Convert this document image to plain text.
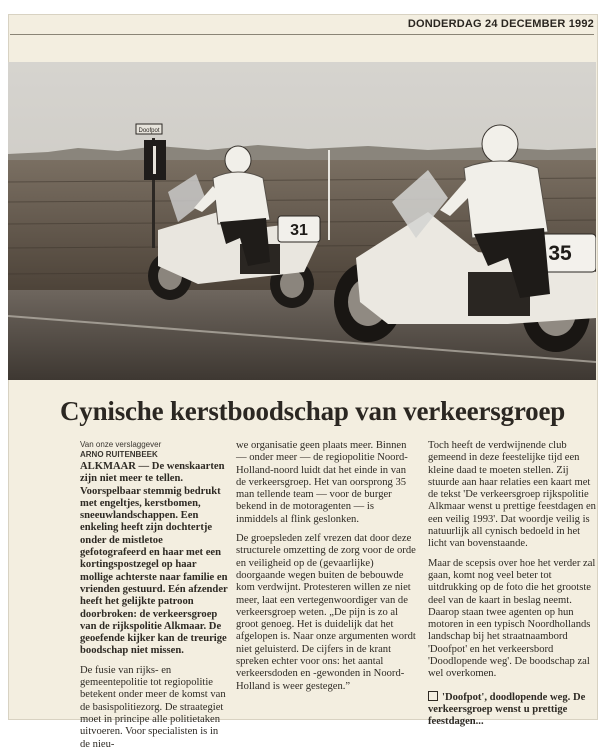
DONDERDAG 24 DECEMBER 1992
Doofpot
31
35
Cynische kerstboodschap van verkeersgroep
Van onze verslaggever
ARNO RUITENBEEK

ALKMAAR — De wenskaarten zijn niet meer te tellen. Voorspelbaar stemmig bedrukt met engeltjes, kerstbomen, sneeuwlandschappen. Een enkeling heeft zijn dochtertje onder de mistletoe gefotografeerd en haar met een kortingspostzegel op haar mollige achterste naar familie en vrienden gestuurd. Eén afzender heeft het gelijkte patroon doorbroken: de verkeersgroep van de rijkspolitie Alkmaar. De geoefende kijker kan de treurige boodschap niet missen.

De fusie van rijks- en gemeentepolitie tot regiopolitie betekent onder meer de komst van de basispolitiezorg. De straategiet moet in principe alle politietaken uitvoeren. Voor specialisten is in de nieu-

we organisatie geen plaats meer. Binnen — onder meer — de regiopolitie Noord-Holland-noord luidt dat het einde in van de verkeersgroep. Het van oorsprong 35 man tellende team — voor de burger bekend in de motoragenten — is inmiddels al flink geslonken.

De groepsleden zelf vrezen dat door deze structurele omzetting de zorg voor de orde en veiligheid op de (gevaarlijke) doorgaande wegen buiten de bebouwde kom verdwijnt. Protesteren willen ze niet meer, laat een vertegenwoordiger van de verkeersgroep weten. „De pijn is zo al groot genoeg. Het is duidelijk dat het afgelopen is. Naar onze argumenten wordt niet geluisterd. De cijfers in de krant spreken echter voor ons: het aantal verkeersdoden en -gewonden in Noord-Holland is weer gestegen.”

Toch heeft de verdwijnende club gemeend in deze feestelijke tijd een kleine daad te moeten stellen. Zij stuurde aan haar relaties een kaart met de tekst 'De verkeersgroep rijkspolitie Alkmaar wenst u prettige feestdagen en een veilig 1993'. Dat woordje veilig is natuurlijk all cynisch bedoeld in het licht van bovenstaande.

Maar de scepsis over hoe het verder zal gaan, komt nog veel beter tot uitdrukking op de foto die het grootste deel van de kaart in beslag neemt. Daarop staan twee agenten op hun motoren in een typisch Noordhollands landschap bij het straatnaambord 'Doofpot' en het verkeersbord 'Doodlopende weg'. De boodschap zal wel overkomen.

'Doofpot', doodlopende weg. De verkeersgroep wenst u prettige feestdagen...
